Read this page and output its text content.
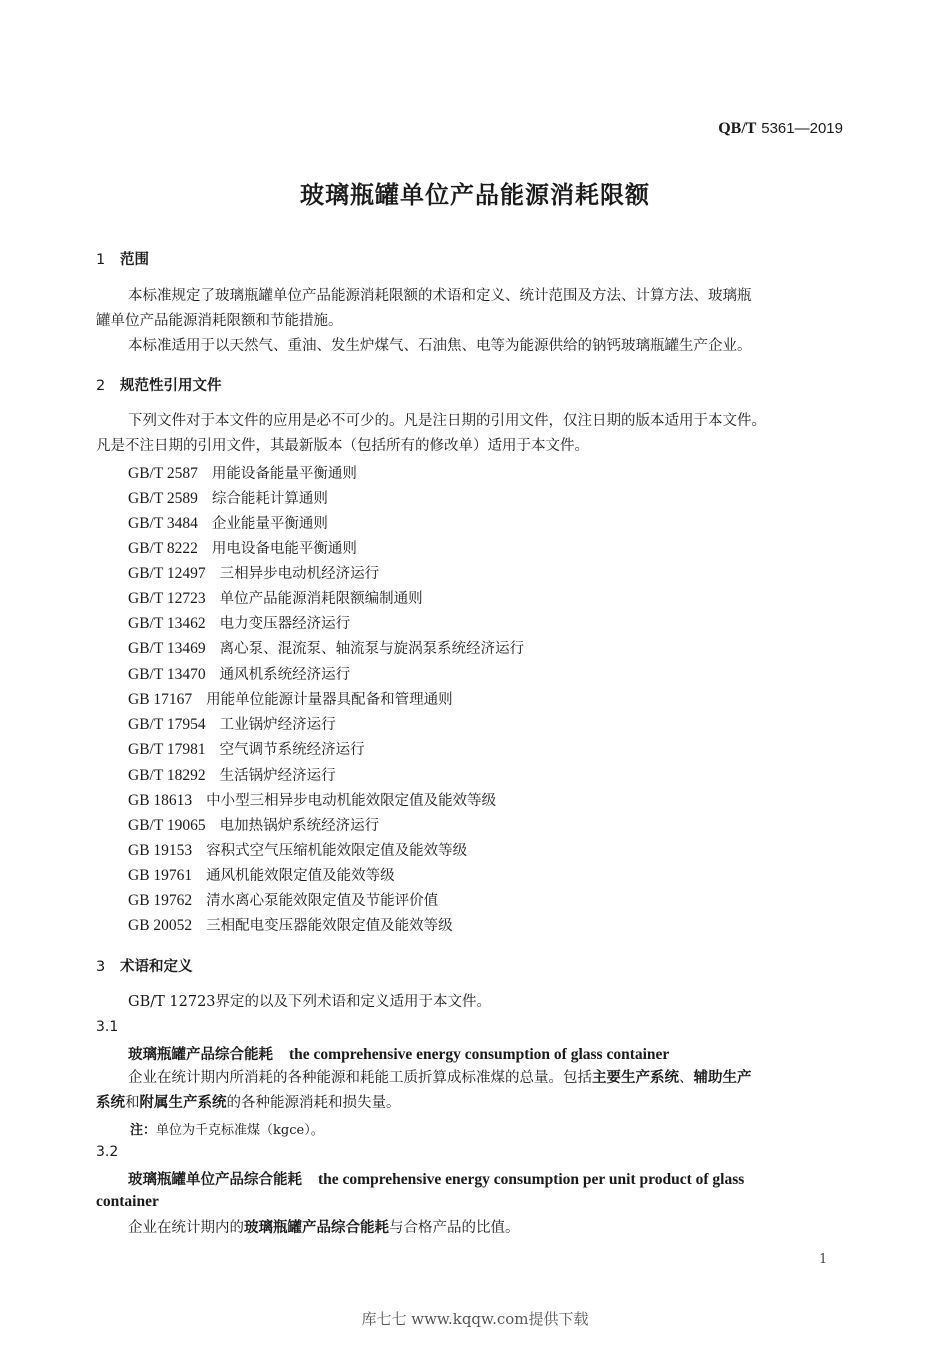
QB/T 5361—2019
玻璃瓶罐单位产品能源消耗限额
1 范围
本标准规定了玻璃瓶罐单位产品能源消耗限额的术语和定义、统计范围及方法、计算方法、玻璃瓶
罐单位产品能源消耗限额和节能措施。
本标准适用于以天然气、重油、发生炉煤气、石油焦、电等为能源供给的钠钙玻璃瓶罐生产企业。
2 规范性引用文件
下列文件对于本文件的应用是必不可少的。凡是注日期的引用文件，仅注日期的版本适用于本文件。
凡是不注日期的引用文件，其最新版本（包括所有的修改单）适用于本文件。
GB/T 2587 用能设备能量平衡通则
GB/T 2589 综合能耗计算通则
GB/T 3484 企业能量平衡通则
GB/T 8222 用电设备电能平衡通则
GB/T 12497 三相异步电动机经济运行
GB/T 12723 单位产品能源消耗限额编制通则
GB/T 13462 电力变压器经济运行
GB/T 13469 离心泵、混流泵、轴流泵与旋涡泵系统经济运行
GB/T 13470 通风机系统经济运行
GB 17167 用能单位能源计量器具配备和管理通则
GB/T 17954 工业锅炉经济运行
GB/T 17981 空气调节系统经济运行
GB/T 18292 生活锅炉经济运行
GB 18613 中小型三相异步电动机能效限定值及能效等级
GB/T 19065 电加热锅炉系统经济运行
GB 19153 容积式空气压缩机能效限定值及能效等级
GB 19761 通风机能效限定值及能效等级
GB 19762 清水离心泵能效限定值及节能评价值
GB 20052 三相配电变压器能效限定值及能效等级
3 术语和定义
GB/T 12723界定的以及下列术语和定义适用于本文件。
3.1
玻璃瓶罐产品综合能耗 the comprehensive energy consumption of glass container
企业在统计期内所消耗的各种能源和耗能工质折算成标准煤的总量。包括主要生产系统、辅助生产
系统和附属生产系统的各种能源消耗和损失量。
注：单位为千克标准煤（kgce）。
3.2
玻璃瓶罐单位产品综合能耗 the comprehensive energy consumption per unit product of glass
container
企业在统计期内的玻璃瓶罐产品综合能耗与合格产品的比值。
1
库七七 www.kqqw.com提供下载
